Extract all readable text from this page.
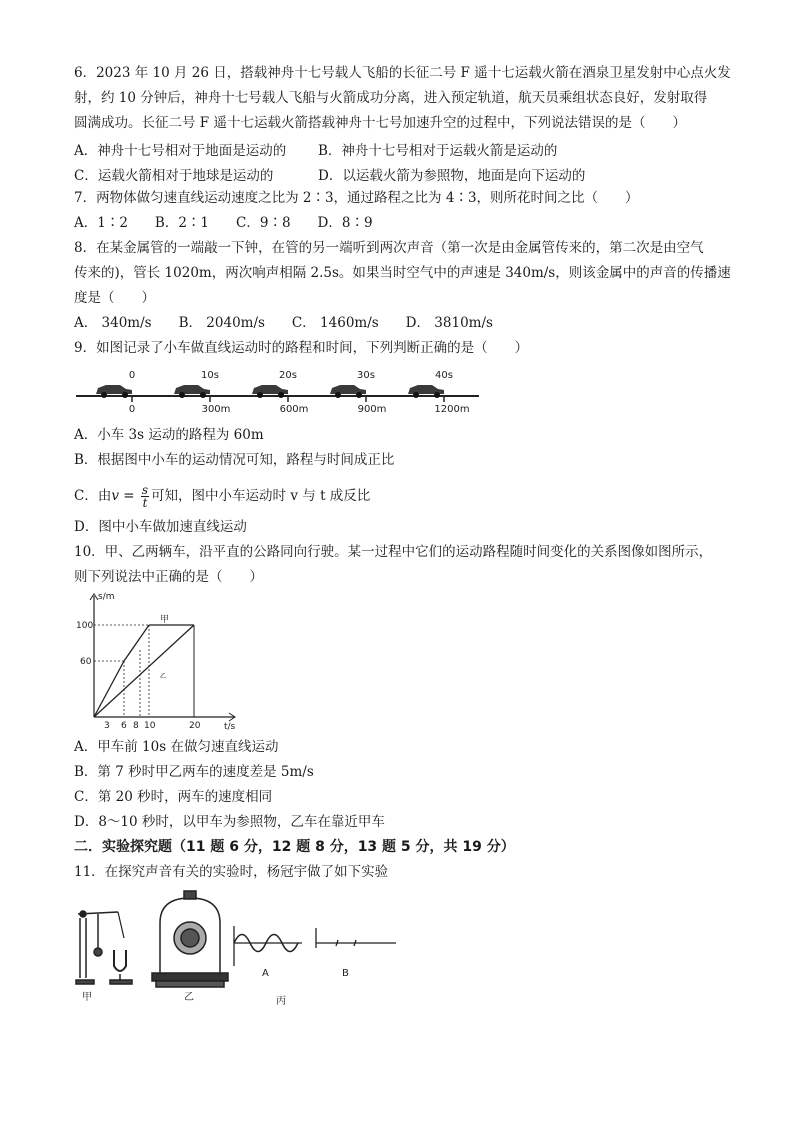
6．2023 年 10 月 26 日，搭载神舟十七号载人飞船的长征二号 F 遥十七运载火箭在酒泉卫星发射中心点火发
射，约 10 分钟后，神舟十七号载人飞船与火箭成功分离，进入预定轨道，航天员乘组状态良好，发射取得
圆满成功。长征二号 F 遥十七运载火箭搭载神舟十七号加速升空的过程中，下列说法错误的是（　　）
A．神舟十七号相对于地面是运动的 B．神舟十七号相对于运载火箭是运动的
C．运载火箭相对于地球是运动的	D．以运载火箭为参照物，地面是向下运动的
7．两物体做匀速直线运动速度之比为 2∶3，通过路程之比为 4∶3，则所花时间之比（　　）
A．1∶2　　B．2∶1　　C．9∶8　　D．8∶9
8．在某金属管的一端敲一下钟，在管的另一端听到两次声音（第一次是由金属管传来的，第二次是由空气
传来的)，管长 1020m，两次响声相隔 2.5s。如果当时空气中的声速是 340m/s，则该金属中的声音的传播速
度是（　　）
A． 340m/s　　B． 2040m/s　　C． 1460m/s　　D． 3810m/s
9．如图记录了小车做直线运动时的路程和时间，下列判断正确的是（　　）
0	10s	20s	30s	40s
0	300m	600m	900m	1200m
A．小车 3s 运动的路程为 60m
B．根据图中小车的运动情况可知，路程与时间成正比
C．由$v = \frac{s}{t}$ 可知，图中小车运动时 v 与 t 成反比
D．图中小车做加速直线运动
10．甲、乙两辆车，沿平直的公路同向行驶。某一过程中它们的运动路程随时间变化的关系图像如图所示，
则下列说法中正确的是（　　）
s/m
t/s
100
60
3 6 8 10	20
甲
乙
A．甲车前 10s 在做匀速直线运动
B．第 7 秒时甲乙两车的速度差是 5m/s
C．第 20 秒时，两车的速度相同
D．8～10 秒时，以甲车为参照物，乙车在靠近甲车
二．实验探究题（11 题 6 分，12 题 8 分，13 题 5 分，共 19 分）
11．在探究声音有关的实验时，杨冠宇做了如下实验
甲	乙	丙
A	B
